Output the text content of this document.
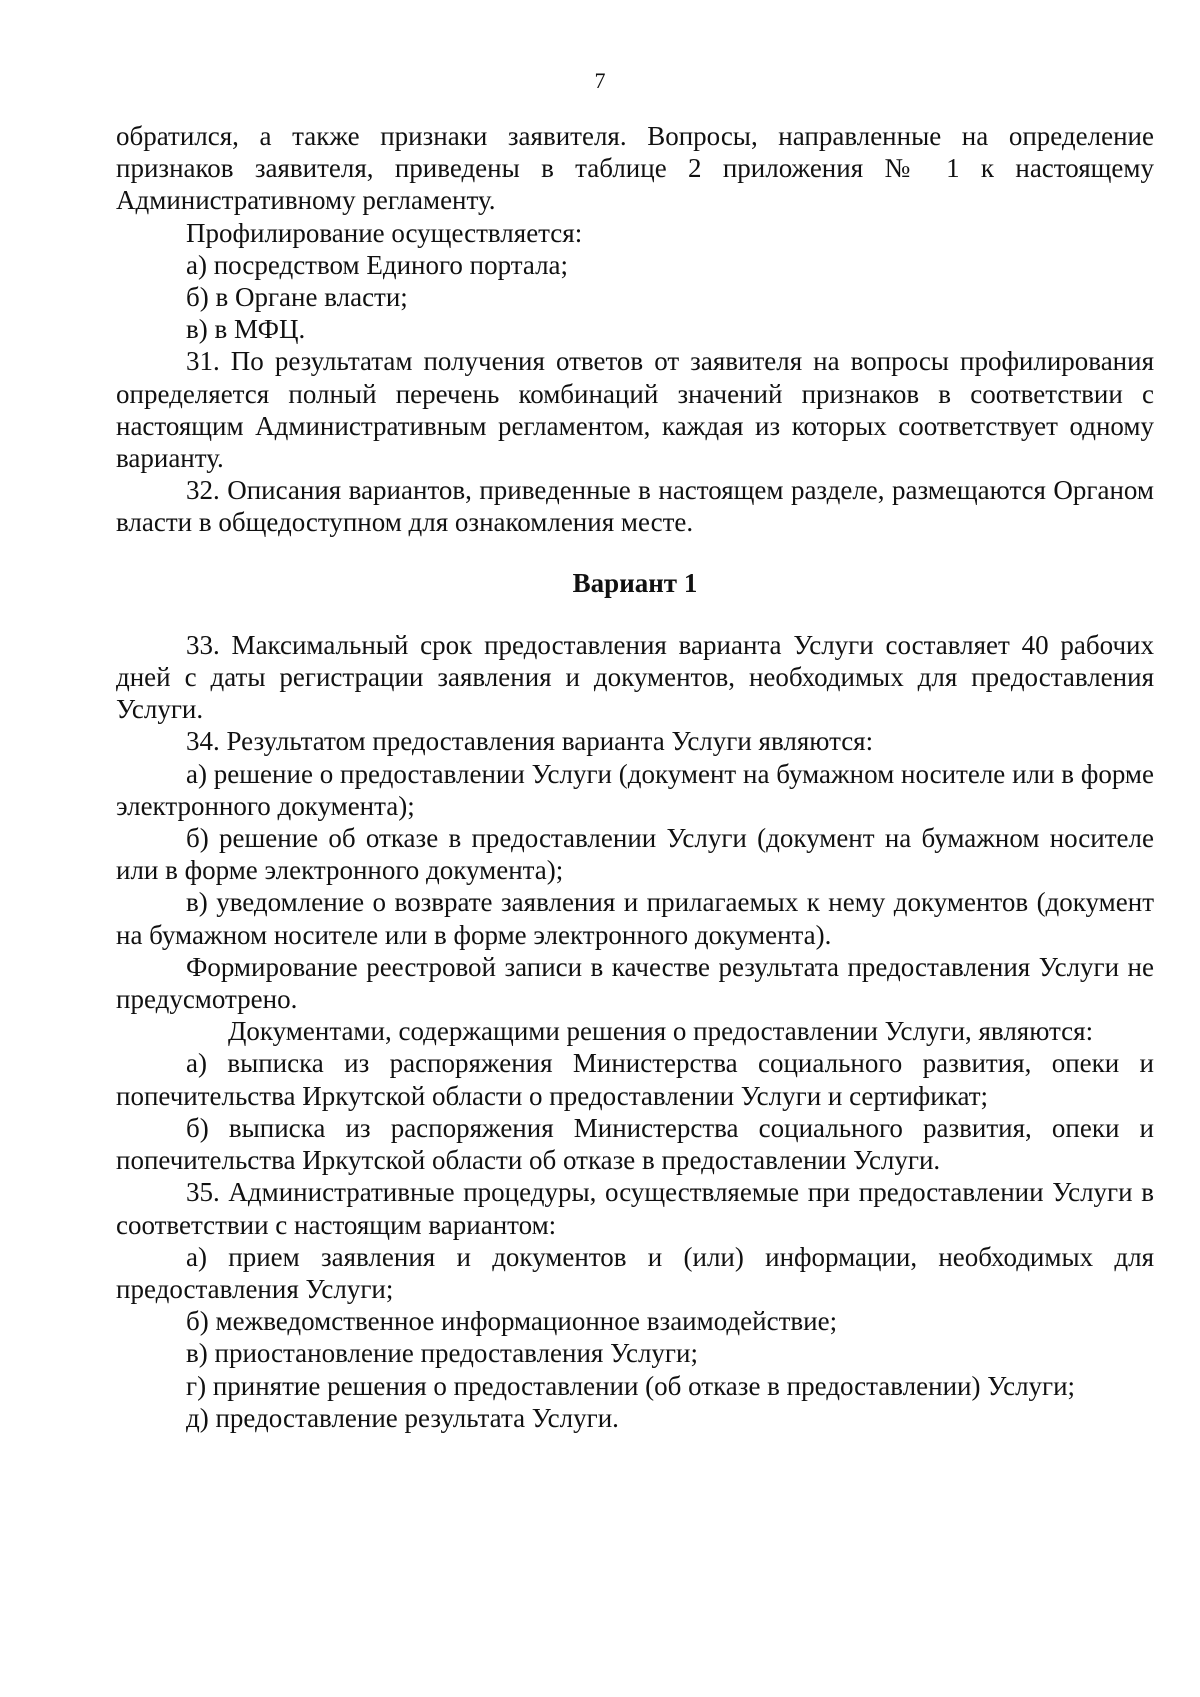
7

обратился, а также признаки заявителя. Вопросы, направленные на определение признаков заявителя, приведены в таблице 2 приложения № 1 к настоящему Административному регламенту.

Профилирование осуществляется:

а) посредством Единого портала;

б) в Органе власти;

в) в МФЦ.

31. По результатам получения ответов от заявителя на вопросы профилирования определяется полный перечень комбинаций значений признаков в соответствии с настоящим Административным регламентом, каждая из которых соответствует одному варианту.

32. Описания вариантов, приведенные в настоящем разделе, размещаются Органом власти в общедоступном для ознакомления месте.

Вариант 1

33. Максимальный срок предоставления варианта Услуги составляет 40 рабочих дней с даты регистрации заявления и документов, необходимых для предоставления Услуги.

34. Результатом предоставления варианта Услуги являются:

а) решение о предоставлении Услуги (документ на бумажном носителе или в форме электронного документа);

б) решение об отказе в предоставлении Услуги (документ на бумажном носителе или в форме электронного документа);

в) уведомление о возврате заявления и прилагаемых к нему документов (документ на бумажном носителе или в форме электронного документа).

Формирование реестровой записи в качестве результата предоставления Услуги не предусмотрено.

Документами, содержащими решения о предоставлении Услуги, являются:

а) выписка из распоряжения Министерства социального развития, опеки и попечительства Иркутской области о предоставлении Услуги и сертификат;

б) выписка из распоряжения Министерства социального развития, опеки и попечительства Иркутской области об отказе в предоставлении Услуги.

35. Административные процедуры, осуществляемые при предоставлении Услуги в соответствии с настоящим вариантом:

а) прием заявления и документов и (или) информации, необходимых для предоставления Услуги;

б) межведомственное информационное взаимодействие;

в) приостановление предоставления Услуги;

г) принятие решения о предоставлении (об отказе в предоставлении) Услуги;

д) предоставление результата Услуги.
